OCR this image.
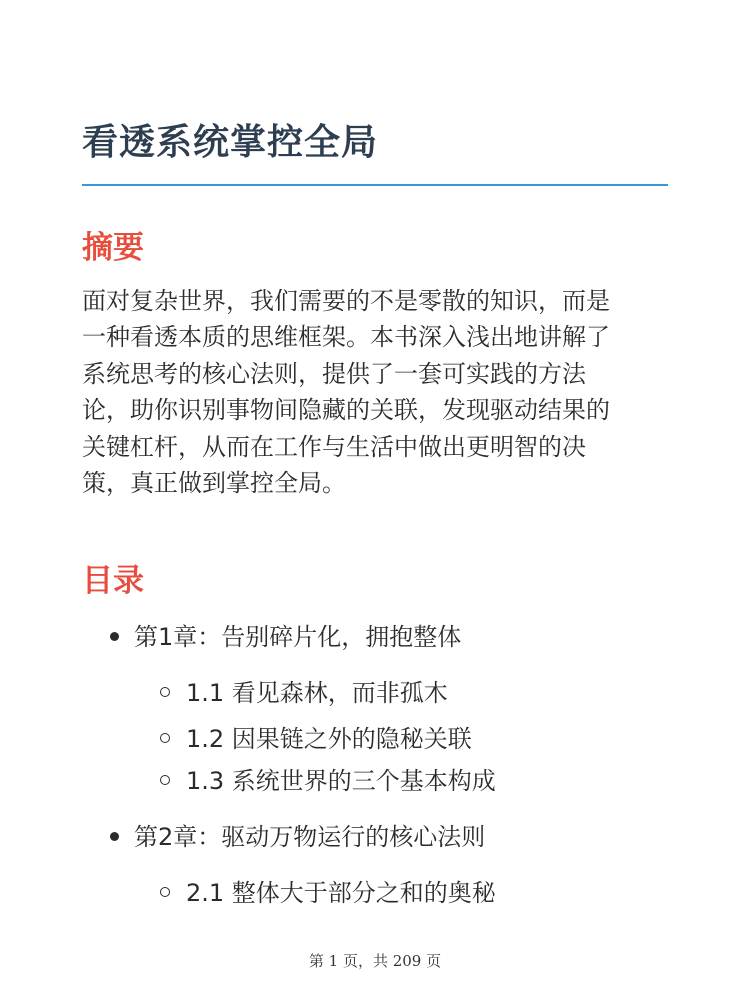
看透系统掌控全局
摘要

面对复杂世界，我们需要的不是零散的知识，而是
一种看透本质的思维框架。本书深入浅出地讲解了
系统思考的核心法则，提供了一套可实践的方法
论，助你识别事物间隐藏的关联，发现驱动结果的
关键杠杆，从而在工作与生活中做出更明智的决
策，真正做到掌控全局。

目录
第1章：告别碎片化，拥抱整体
1.1 看见森林，而非孤木
1.2 因果链之外的隐秘关联
1.3 系统世界的三个基本构成
第2章：驱动万物运行的核心法则
2.1 整体大于部分之和的奥秘
第 1 页，共 209 页
